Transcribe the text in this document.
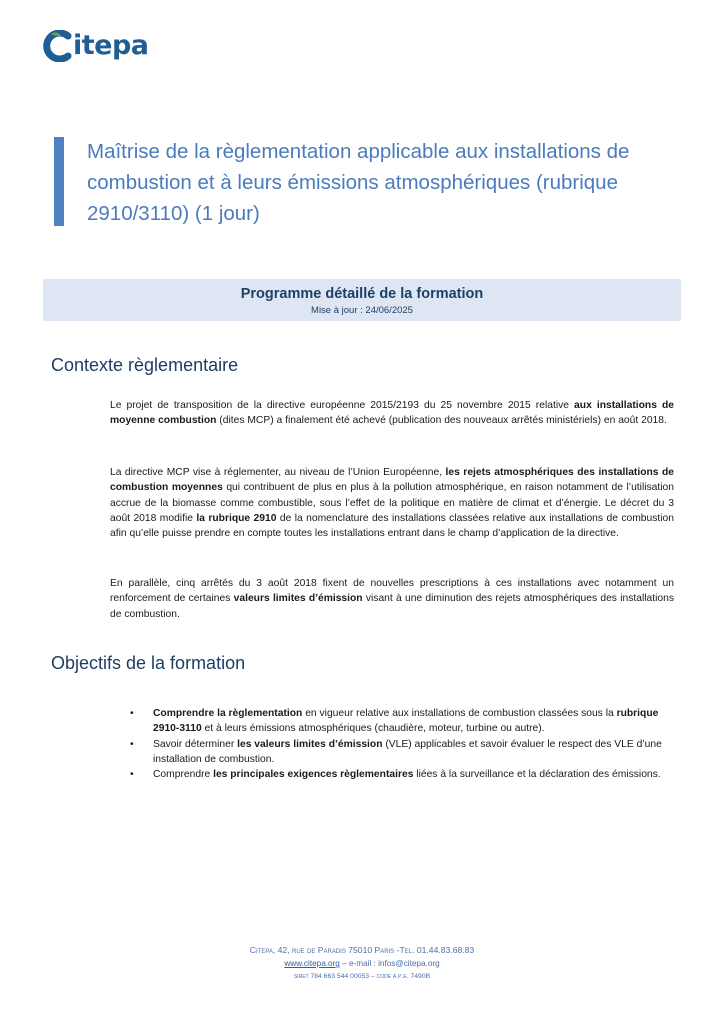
itepa
Maîtrise de la règlementation applicable aux installations de combustion et à leurs émissions atmosphériques (rubrique 2910/3110) (1 jour)
Programme détaillé de la formation
Mise à jour : 24/06/2025
Contexte règlementaire

Le projet de transposition de la directive européenne 2015/2193 du 25 novembre 2015 relative aux installations de moyenne combustion (dites MCP) a finalement été achevé (publication des nouveaux arrêtés ministériels) en août 2018.

La directive MCP vise à réglementer, au niveau de l’Union Européenne, les rejets atmosphériques des installations de combustion moyennes qui contribuent de plus en plus à la pollution atmosphérique, en raison notamment de l’utilisation accrue de la biomasse comme combustible, sous l’effet de la politique en matière de climat et d’énergie. Le décret du 3 août 2018 modifie la rubrique 2910 de la nomenclature des installations classées relative aux installations de combustion afin qu’elle puisse prendre en compte toutes les installations entrant dans le champ d’application de la directive.

En parallèle, cinq arrêtés du 3 août 2018 fixent de nouvelles prescriptions à ces installations avec notamment un renforcement de certaines valeurs limites d’émission visant à une diminution des rejets atmosphériques des installations de combustion.

Objectifs de la formation
• Comprendre la règlementation en vigueur relative aux installations de combustion classées sous la rubrique 2910-3110 et à leurs émissions atmosphériques (chaudière, moteur, turbine ou autre).
• Savoir déterminer les valeurs limites d’émission (VLE) applicables et savoir évaluer le respect des VLE d’une installation de combustion.
• Comprendre les principales exigences règlementaires liées à la surveillance et la déclaration des émissions.
Citepa, 42, rue de Paradis 75010 Paris -Tel. 01.44.83.68.83
www.citepa.org – e-mail : infos@citepa.org
siret 784 663 544 00053 – code a.p.e. 7490B
